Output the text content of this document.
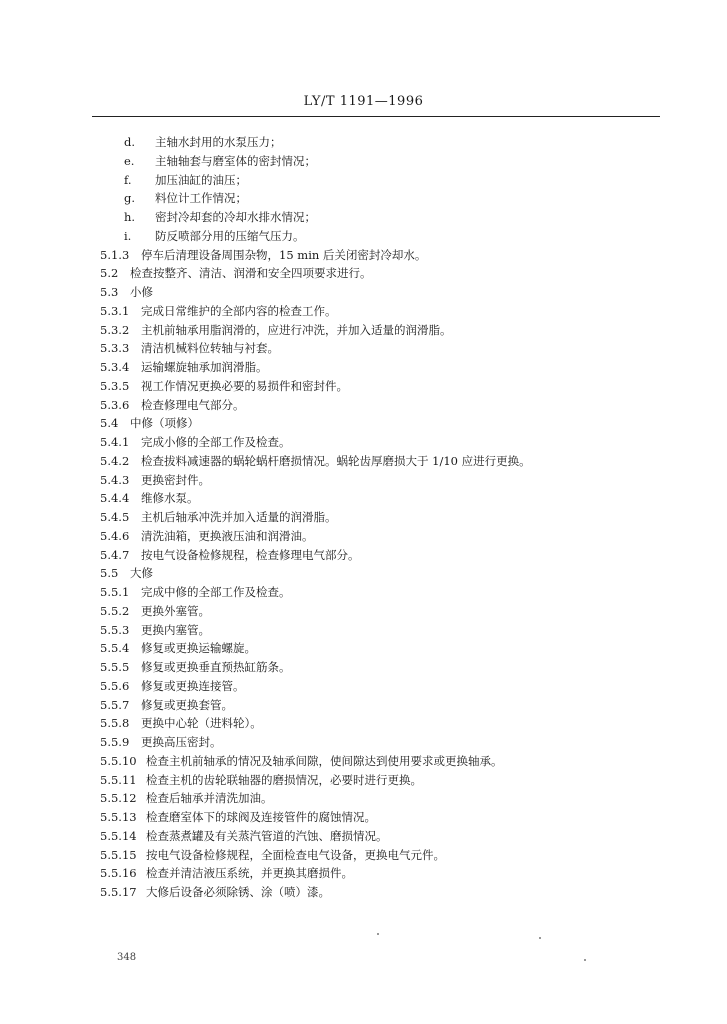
LY/T 1191—1996
d.	主轴水封用的水泵压力；
e.	主轴轴套与磨室体的密封情况；
f.	加压油缸的油压；
g.	料位计工作情况；
h.	密封冷却套的冷却水排水情况；
i.	防反喷部分用的压缩气压力。
5.1.3	停车后清理设备周围杂物，15 min 后关闭密封冷却水。
5.2	检查按整齐、清洁、润滑和安全四项要求进行。
5.3	小修
5.3.1	完成日常维护的全部内容的检查工作。
5.3.2	主机前轴承用脂润滑的，应进行冲洗，并加入适量的润滑脂。
5.3.3	清洁机械料位转轴与衬套。
5.3.4	运输螺旋轴承加润滑脂。
5.3.5	视工作情况更换必要的易损件和密封件。
5.3.6	检查修理电气部分。
5.4	中修（项修）
5.4.1	完成小修的全部工作及检查。
5.4.2	检查拔料减速器的蜗轮蜗杆磨损情况。蜗轮齿厚磨损大于 1/10 应进行更换。
5.4.3	更换密封件。
5.4.4	维修水泵。
5.4.5	主机后轴承冲洗并加入适量的润滑脂。
5.4.6	清洗油箱，更换液压油和润滑油。
5.4.7	按电气设备检修规程，检查修理电气部分。
5.5	大修
5.5.1	完成中修的全部工作及检查。
5.5.2	更换外塞管。
5.5.3	更换内塞管。
5.5.4	修复或更换运输螺旋。
5.5.5	修复或更换垂直预热缸筋条。
5.5.6	修复或更换连接管。
5.5.7	修复或更换套管。
5.5.8	更换中心轮（进料轮）。
5.5.9	更换高压密封。
5.5.10 检查主机前轴承的情况及轴承间隙，使间隙达到使用要求或更换轴承。
5.5.11 检查主机的齿轮联轴器的磨损情况，必要时进行更换。
5.5.12 检查后轴承并清洗加油。
5.5.13 检查磨室体下的球阀及连接管件的腐蚀情况。
5.5.14 检查蒸煮罐及有关蒸汽管道的汽蚀、磨损情况。
5.5.15 按电气设备检修规程，全面检查电气设备，更换电气元件。
5.5.16 检查并清洁液压系统，并更换其磨损件。
5.5.17 大修后设备必须除锈、涂（喷）漆。
348
